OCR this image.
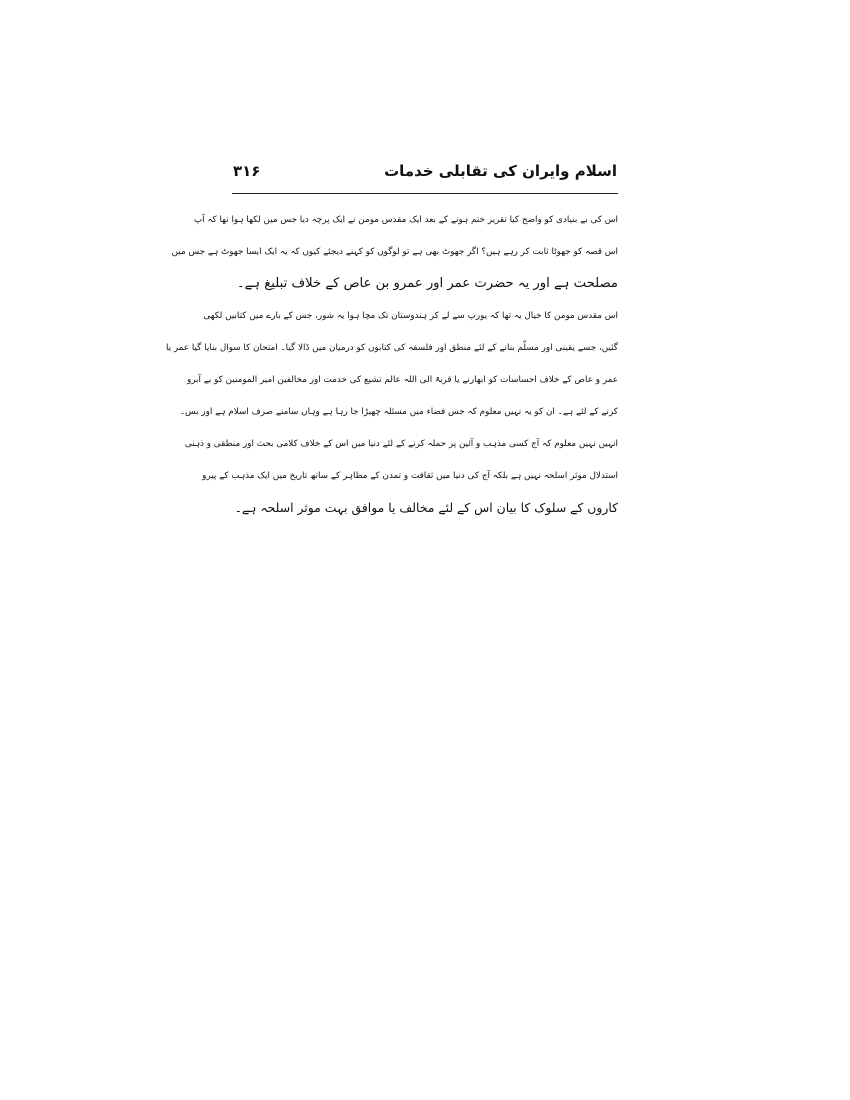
اسلام وایران کی تقابلی خدمات
۳۱۶
اس کی بے بنیادی کو واضح کیا تقریر ختم ہونے کے بعد ایک مقدس مومن نے ایک پرچہ دیا جس میں لکھا ہوا تھا کہ آپ
اس قصہ کو جھوٹا ثابت کر رہے ہیں؟ اگر جھوٹ بھی ہے تو لوگوں کو کہنے دیجئے کیوں کہ یہ ایک ایسا جھوٹ ہے جس میں
مصلحت ہے اور یہ حضرت عمر اور عمرو بن عاص کے خلاف تبلیغ ہے۔
اس مقدس مومن کا خیال یہ تھا کہ یورپ سے لے کر ہندوستان تک مچا ہوا یہ شور، جس کے بارے میں کتابیں لکھی
گئیں، جسے یقینی اور مسلّم بنانے کے لئے منطق اور فلسفہ کی کتابوں کو درمیان میں ڈالا گیا۔ امتحان کا سوال بنایا گیا عمر یا
عمر و عاص کے خلاف احساسات کو ابھارنے یا قربۃً الی اللہ عالم تشیع کی خدمت اور مخالفین امیر المومنین کو بے آبرو
کرنے کے لئے ہے۔ ان کو یہ نہیں معلوم کہ جس فضاء میں مسئلہ چھیڑا جا رہا ہے وہاں سامنے صرف اسلام ہے اور بس۔
انہیں نہیں معلوم کہ آج کسی مذہب و آئین پر حملہ کرنے کے لئے دنیا میں اس کے خلاف کلامی بحث اور منطقی و ذہنی
استدلال موثر اسلحہ نہیں ہے بلکہ آج کی دنیا میں ثقافت و تمدن کے مظاہر کے ساتھ تاریخ میں ایک مذہب کے پیرو
کاروں کے سلوک کا بیان اس کے لئے مخالف یا موافق بہت موثر اسلحہ ہے۔
